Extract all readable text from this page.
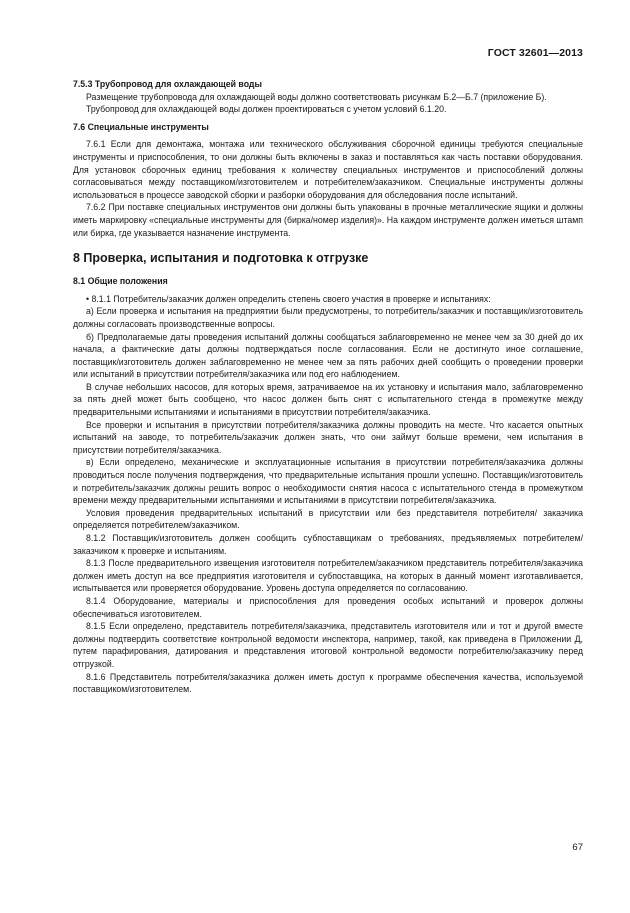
ГОСТ 32601—2013

7.5.3 Трубопровод для охлаждающей воды

Размещение трубопровода для охлаждающей воды должно соответствовать рисункам Б.2—Б.7 (приложение Б).

Трубопровод для охлаждающей воды должен проектироваться с учетом условий 6.1.20.

7.6 Специальные инструменты

7.6.1 Если для демонтажа, монтажа или технического обслуживания сборочной единицы требуются специальные инструменты и приспособления, то они должны быть включены в заказ и поставляться как часть поставки оборудования. Для установок сборочных единиц требования к количеству специальных инструментов и приспособлений должны согласовываться между поставщиком/изготовителем и потребителем/заказчиком. Специальные инструменты должны использоваться в процессе заводской сборки и разборки оборудования для обследования после испытаний.

7.6.2 При поставке специальных инструментов они должны быть упакованы в прочные металлические ящики и должны иметь маркировку «специальные инструменты для (бирка/номер изделия)». На каждом инструменте должен иметься штамп или бирка, где указывается назначение инструмента.

8 Проверка, испытания и подготовка к отгрузке

8.1 Общие положения

• 8.1.1 Потребитель/заказчик должен определить степень своего участия в проверке и испытаниях:

а) Если проверка и испытания на предприятии были предусмотрены, то потребитель/заказчик и поставщик/изготовитель должны согласовать производственные вопросы.

б) Предполагаемые даты проведения испытаний должны сообщаться заблаговременно не менее чем за 30 дней до их начала, а фактические даты должны подтверждаться после согласования. Если не достигнуто иное соглашение, поставщик/изготовитель должен заблаговременно не менее чем за пять рабочих дней сообщить о проведении проверки или испытаний в присутствии потребителя/заказчика или под его наблюдением.

В случае небольших насосов, для которых время, затрачиваемое на их установку и испытания мало, заблаговременно за пять дней может быть сообщено, что насос должен быть снят с испытательного стенда в промежутке между предварительными испытаниями и испытаниями в присутствии потребителя/заказчика.

Все проверки и испытания в присутствии потребителя/заказчика должны проводить на месте. Что касается опытных испытаний на заводе, то потребитель/заказчик должен знать, что они займут больше времени, чем испытания в присутствии потребителя/заказчика.

в) Если определено, механические и эксплуатационные испытания в присутствии потребителя/заказчика должны проводиться после получения подтверждения, что предварительные испытания прошли успешно. Поставщик/изготовитель и потребитель/заказчик должны решить вопрос о необходимости снятия насоса с испытательного стенда в промежутком времени между предварительными испытаниями и испытаниями в присутствии потребителя/заказчика.

Условия проведения предварительных испытаний в присутствии или без представителя потребителя/ заказчика определяется потребителем/заказчиком.

8.1.2 Поставщик/изготовитель должен сообщить субпоставщикам о требованиях, предъявляемых потребителем/заказчиком к проверке и испытаниям.

8.1.3 После предварительного извещения изготовителя потребителем/заказчиком представитель потребителя/заказчика должен иметь доступ на все предприятия изготовителя и субпоставщика, на которых в данный момент изготавливается, испытывается или проверяется оборудование. Уровень доступа определяется по согласованию.

8.1.4 Оборудование, материалы и приспособления для проведения особых испытаний и проверок должны обеспечиваться изготовителем.

8.1.5 Если определено, представитель потребителя/заказчика, представитель изготовителя или и тот и другой вместе должны подтвердить соответствие контрольной ведомости инспектора, например, такой, как приведена в Приложении Д, путем парафирования, датирования и представления итоговой контрольной ведомости потребителю/заказчику перед отгрузкой.

8.1.6 Представитель потребителя/заказчика должен иметь доступ к программе обеспечения качества, используемой поставщиком/изготовителем.

67
